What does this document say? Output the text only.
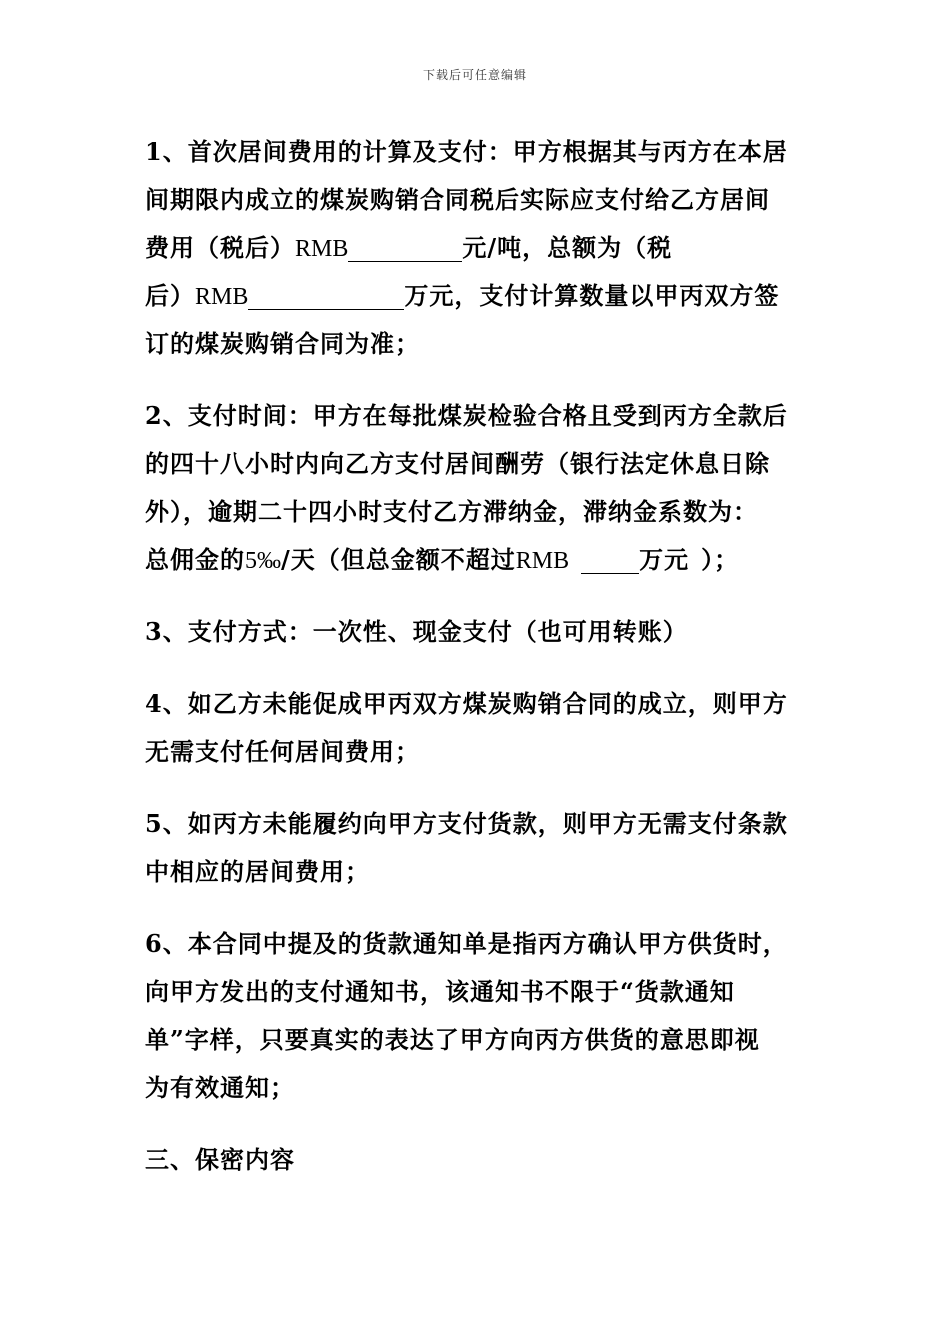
下载后可任意编辑
1、首次居间费用的计算及支付：甲方根据其与丙方在本居
间期限内成立的煤炭购销合同税后实际应支付给乙方居间
费用（税后）RMB	元/吨，总额为（税
后）RMB	万元，支付计算数量以甲丙双方签
订的煤炭购销合同为准；
2、支付时间：甲方在每批煤炭检验合格且受到丙方全款后
的四十八小时内向乙方支付居间酬劳（银行法定休息日除
外），逾期二十四小时支付乙方滞纳金，滞纳金系数为：
总佣金的5‰/天（但总金额不超过RMB	万元 ）；
3、支付方式：一次性、现金支付（也可用转账）
4、如乙方未能促成甲丙双方煤炭购销合同的成立，则甲方
无需支付任何居间费用；
5、如丙方未能履约向甲方支付货款，则甲方无需支付条款
中相应的居间费用；
6、本合同中提及的货款通知单是指丙方确认甲方供货时，
向甲方发出的支付通知书，该通知书不限于“货款通知
单”字样，只要真实的表达了甲方向丙方供货的意思即视
为有效通知；
三、保密内容
